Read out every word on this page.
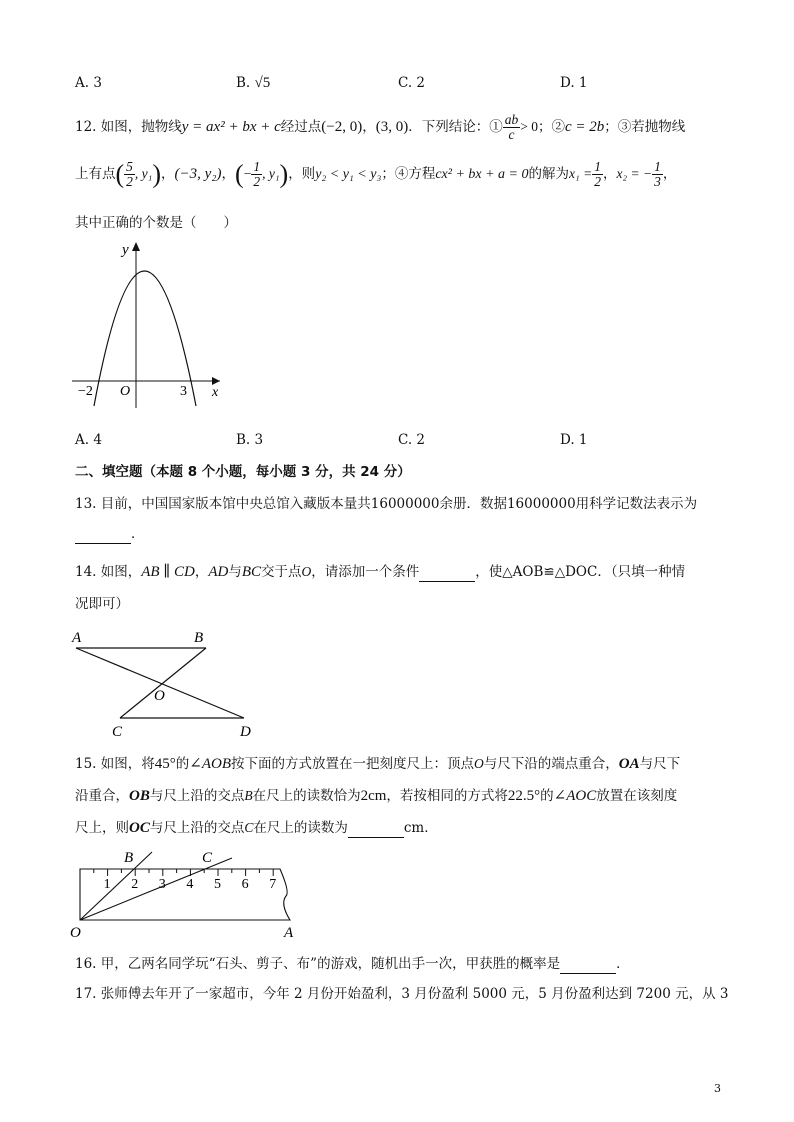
A. 3	B. √5	C. 2	D. 1
12. 如图，抛物线y = ax² + bx + c经过点(−2, 0)，(3, 0)．下列结论：① $\frac{ab}{c} > 0$；②c = 2b；③若抛物线
上有点( $\frac{5}{2}$ , y₁)，(−3, y₂)，(− $\frac{1}{2}$ , y₁)，则y₂ < y₁ < y₃；④方程cx² + bx + a = 0的解为$x_1 = \frac{1}{2}$ ，x₂ = − $\frac{1}{3}$ ，
其中正确的个数是（　　）
y
x
O
−2	3
A. 4	B. 3	C. 2	D. 1
二、填空题（本题 8 个小题，每小题 3 分，共 24 分）
13. 目前，中国国家版本馆中央总馆入藏版本量共16000000余册．数据16000000用科学记数法表示为
．
14. 如图，AB ∥ CD，AD与BC交于点O，请添加一个条件	，使△AOB≌△DOC．（只填一种情
况即可）
A	B
C	D
O
15. 如图，将45°的∠AOB按下面的方式放置在一把刻度尺上：顶点O与尺下沿的端点重合，OA与尺下
沿重合，OB与尺上沿的交点B在尺上的读数恰为2cm，若按相同的方式将22.5°的∠AOC放置在该刻度
尺上，则OC与尺上沿的交点C在尺上的读数为	cm．
1 2 3 4 5 6 7
B	C
O	A
16. 甲，乙两名同学玩“石头、剪子、布”的游戏，随机出手一次，甲获胜的概率是	．
17. 张师傅去年开了一家超市，今年 2 月份开始盈利，3 月份盈利 5000 元，5 月份盈利达到 7200 元，从 3
3
